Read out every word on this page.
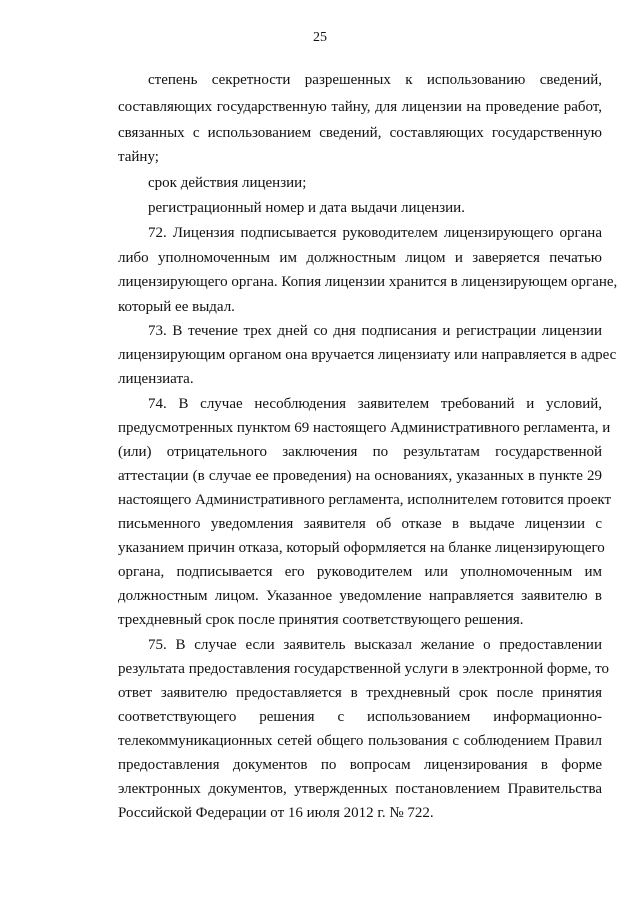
25
степень секретности разрешенных к использованию сведений,
составляющих государственную тайну, для лицензии на проведение работ,
связанных с использованием сведений, составляющих государственную
тайну;
срок действия лицензии;
регистрационный номер и дата выдачи лицензии.
72. Лицензия подписывается руководителем лицензирующего органа
либо уполномоченным им должностным лицом и заверяется печатью
лицензирующего органа. Копия лицензии хранится в лицензирующем органе,
который ее выдал.
73. В течение трех дней со дня подписания и регистрации лицензии
лицензирующим органом она вручается лицензиату или направляется в адрес
лицензиата.
74. В случае несоблюдения заявителем требований и условий,
предусмотренных пунктом 69 настоящего Административного регламента, и
(или) отрицательного заключения по результатам государственной
аттестации (в случае ее проведения) на основаниях, указанных в пункте 29
настоящего Административного регламента, исполнителем готовится проект
письменного уведомления заявителя об отказе в выдаче лицензии с
указанием причин отказа, который оформляется на бланке лицензирующего
органа, подписывается его руководителем или уполномоченным им
должностным лицом. Указанное уведомление направляется заявителю в
трехдневный срок после принятия соответствующего решения.
75. В случае если заявитель высказал желание о предоставлении
результата предоставления государственной услуги в электронной форме, то
ответ заявителю предоставляется в трехдневный срок после принятия
соответствующего решения с использованием информационно-
телекоммуникационных сетей общего пользования с соблюдением Правил
предоставления документов по вопросам лицензирования в форме
электронных документов, утвержденных постановлением Правительства
Российской Федерации от 16 июля 2012 г. № 722.
